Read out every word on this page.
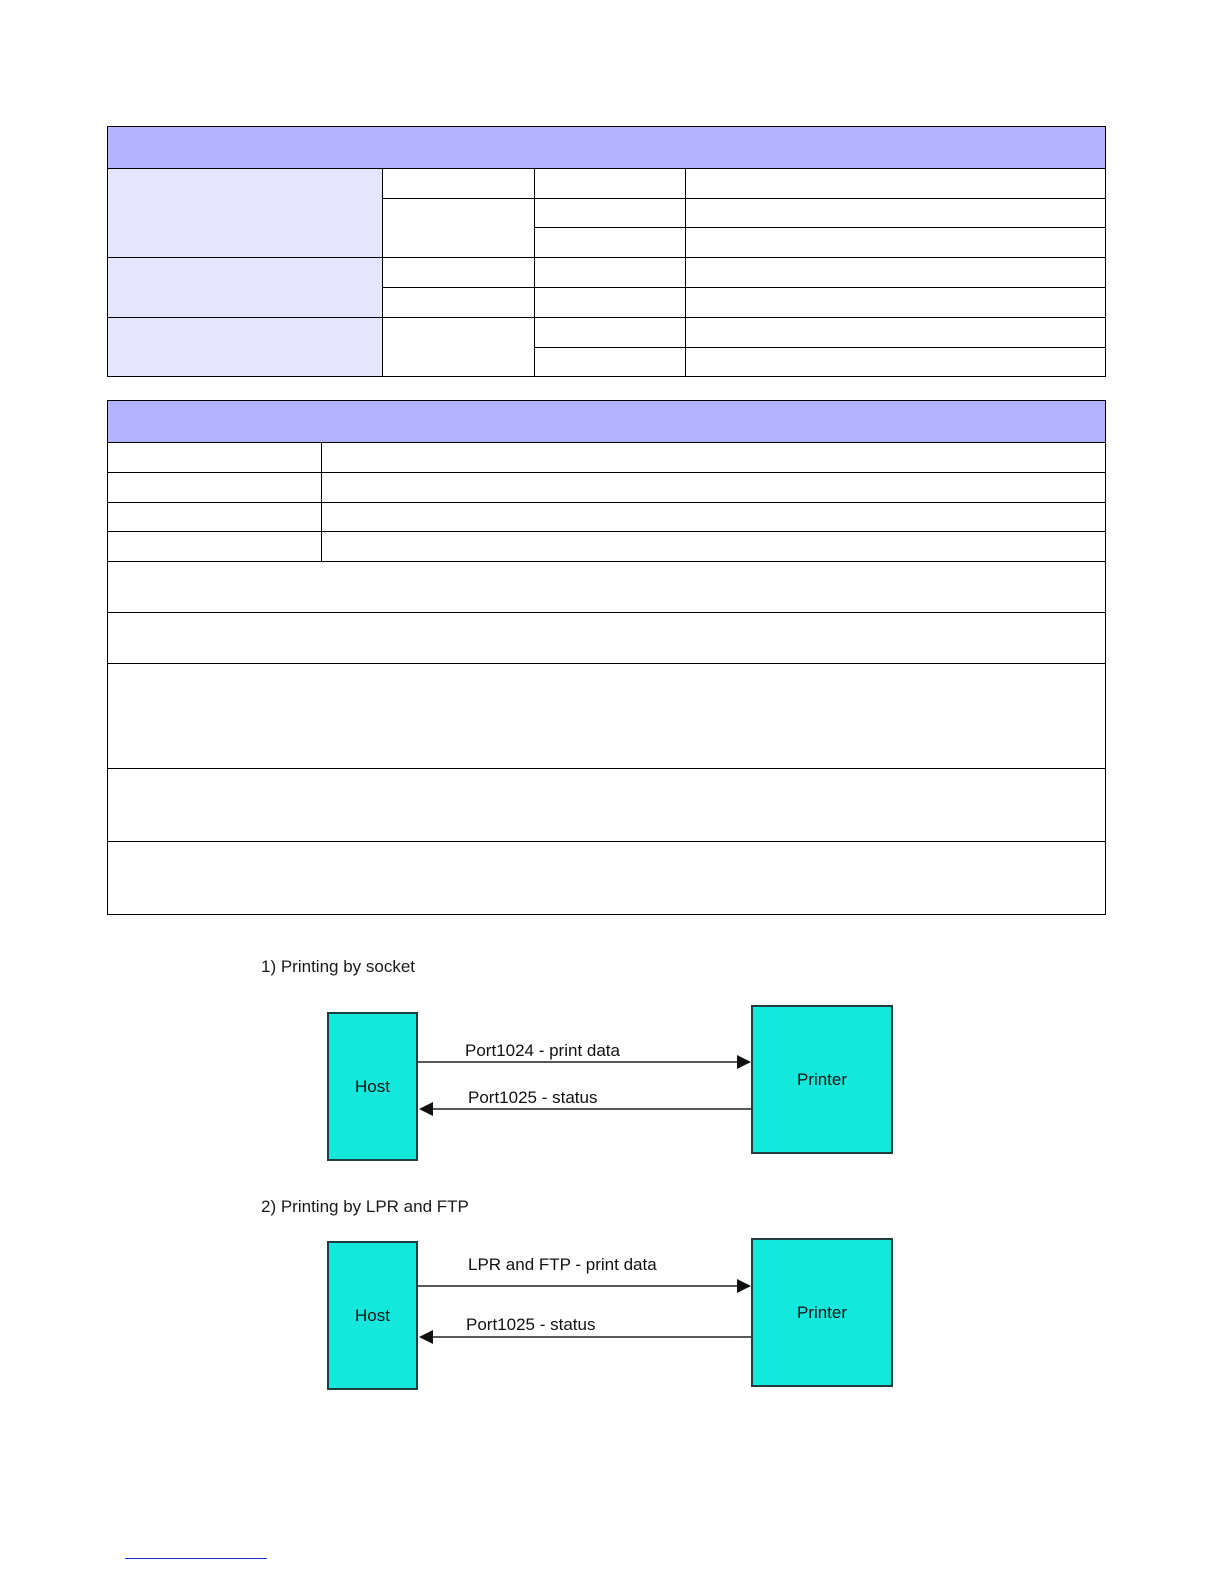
1) Printing by socket
Host	Printer
Port1024 - print data
Port1025 - status
2) Printing by LPR and FTP
Host	Printer
LPR and FTP - print data
Port1025 - status
